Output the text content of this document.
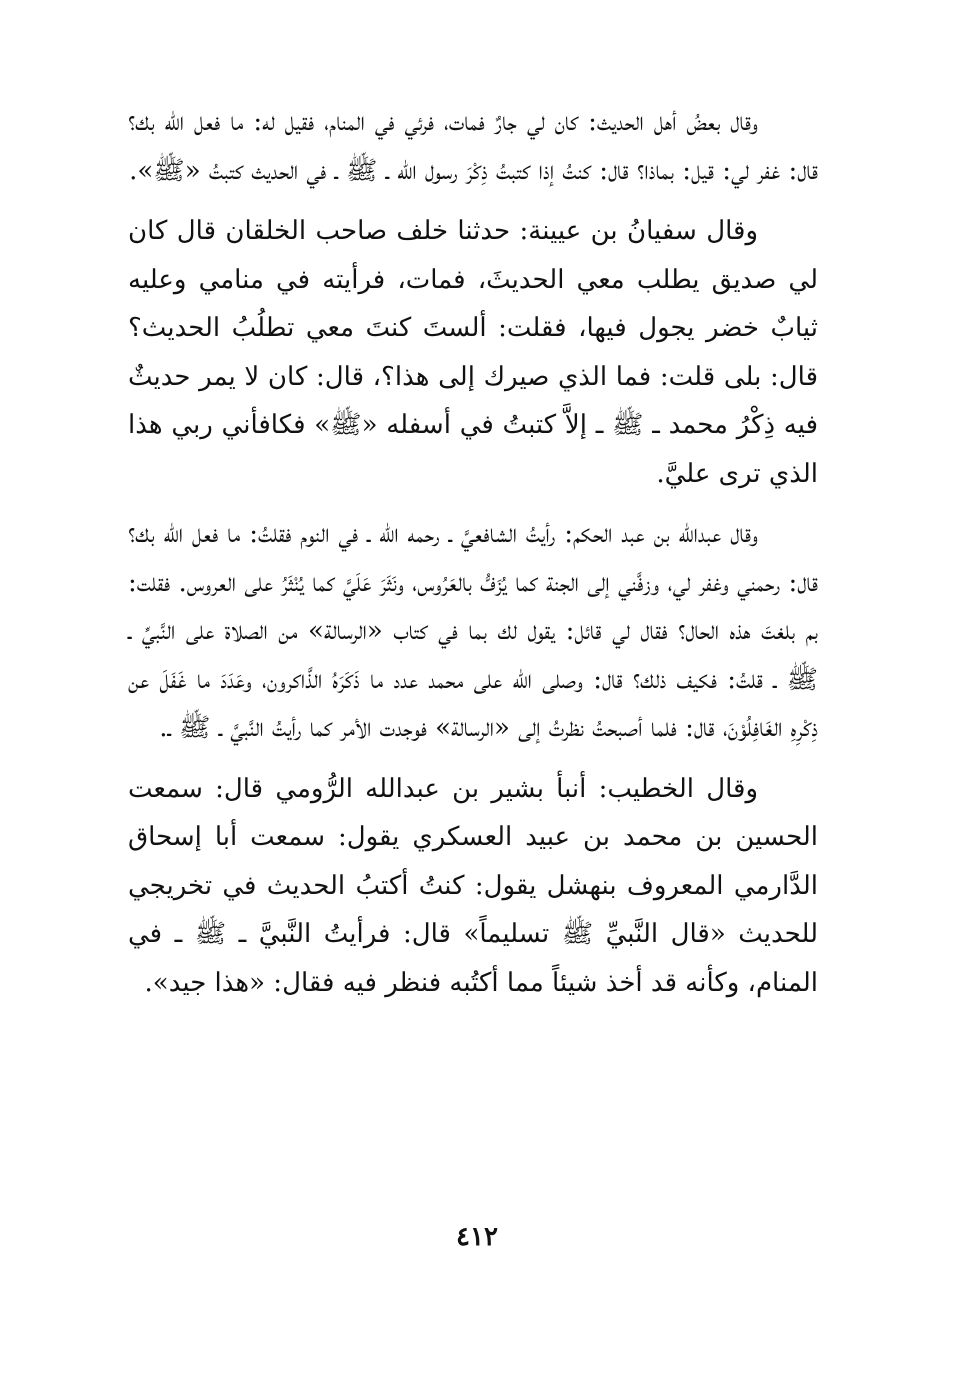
وقال بعضُ أهل الحديث: كان لي جارٌ فمات، فرئي في المنام، فقيل له: ما فعل الله بك؟ قال: غفر لي: قيل: بماذا؟ قال: كنتُ إذا كتبتُ ذِكْرَ رسول الله ـ ﷺ ـ في الحديث كتبتُ «ﷺ».

وقال سفيانُ بن عيينة: حدثنا خلف صاحب الخلقان قال كان لي صديق يطلب معي الحديثَ، فمات، فرأيته في منامي وعليه ثيابٌ خضر يجول فيها، فقلت: ألستَ كنتَ معي تطلُبُ الحديث؟ قال: بلى قلت: فما الذي صيرك إلى هذا؟، قال: كان لا يمر حديثٌ فيه ذِكْرُ محمد ـ ﷺ ـ إلاَّ كتبتُ في أسفله «ﷺ» فكافأني ربي هذا الذي ترى عليَّ.

وقال عبدالله بن عبد الحكم: رأيتُ الشافعيَّ ـ رحمه الله ـ في النوم فقلتُ: ما فعل الله بك؟ قال: رحمني وغفر لي، وزفَّني إلى الجنة كما يُزَفُّ بالعَرُوس، ونَثَرَ عَلَيَّ كما يُنْثَرُ على العروس. فقلت: بم بلغتَ هذه الحال؟ فقال لي قائل: يقول لك بما في كتاب «الرسالة» من الصلاة على النَّبيِّ ـ ﷺ ـ قلتُ: فكيف ذلك؟ قال: وصلى الله على محمد عدد ما ذَكَرَهُ الذَّاكرون، وعَدَدَ ما غَفَلَ عن ذِكْرِهِ الغَافِلُوْنَ، قال: فلما أصبحتُ نظرتُ إلى «الرسالة» فوجدت الأمر كما رأيتُ النَّبيَّ ـ ﷺ ـ.

وقال الخطيب: أنبأ بشير بن عبدالله الرُّومي قال: سمعت الحسين بن محمد بن عبيد العسكري يقول: سمعت أبا إسحاق الدَّارمي المعروف بنهشل يقول: كنتُ أكتبُ الحديث في تخريجي للحديث «قال النَّبيِّ ﷺ تسليماً» قال: فرأيتُ النَّبيَّ ـ ﷺ ـ في المنام، وكأنه قد أخذ شيئاً مما أكتُبه فنظر فيه فقال: «هذا جيد».

٤١٢
